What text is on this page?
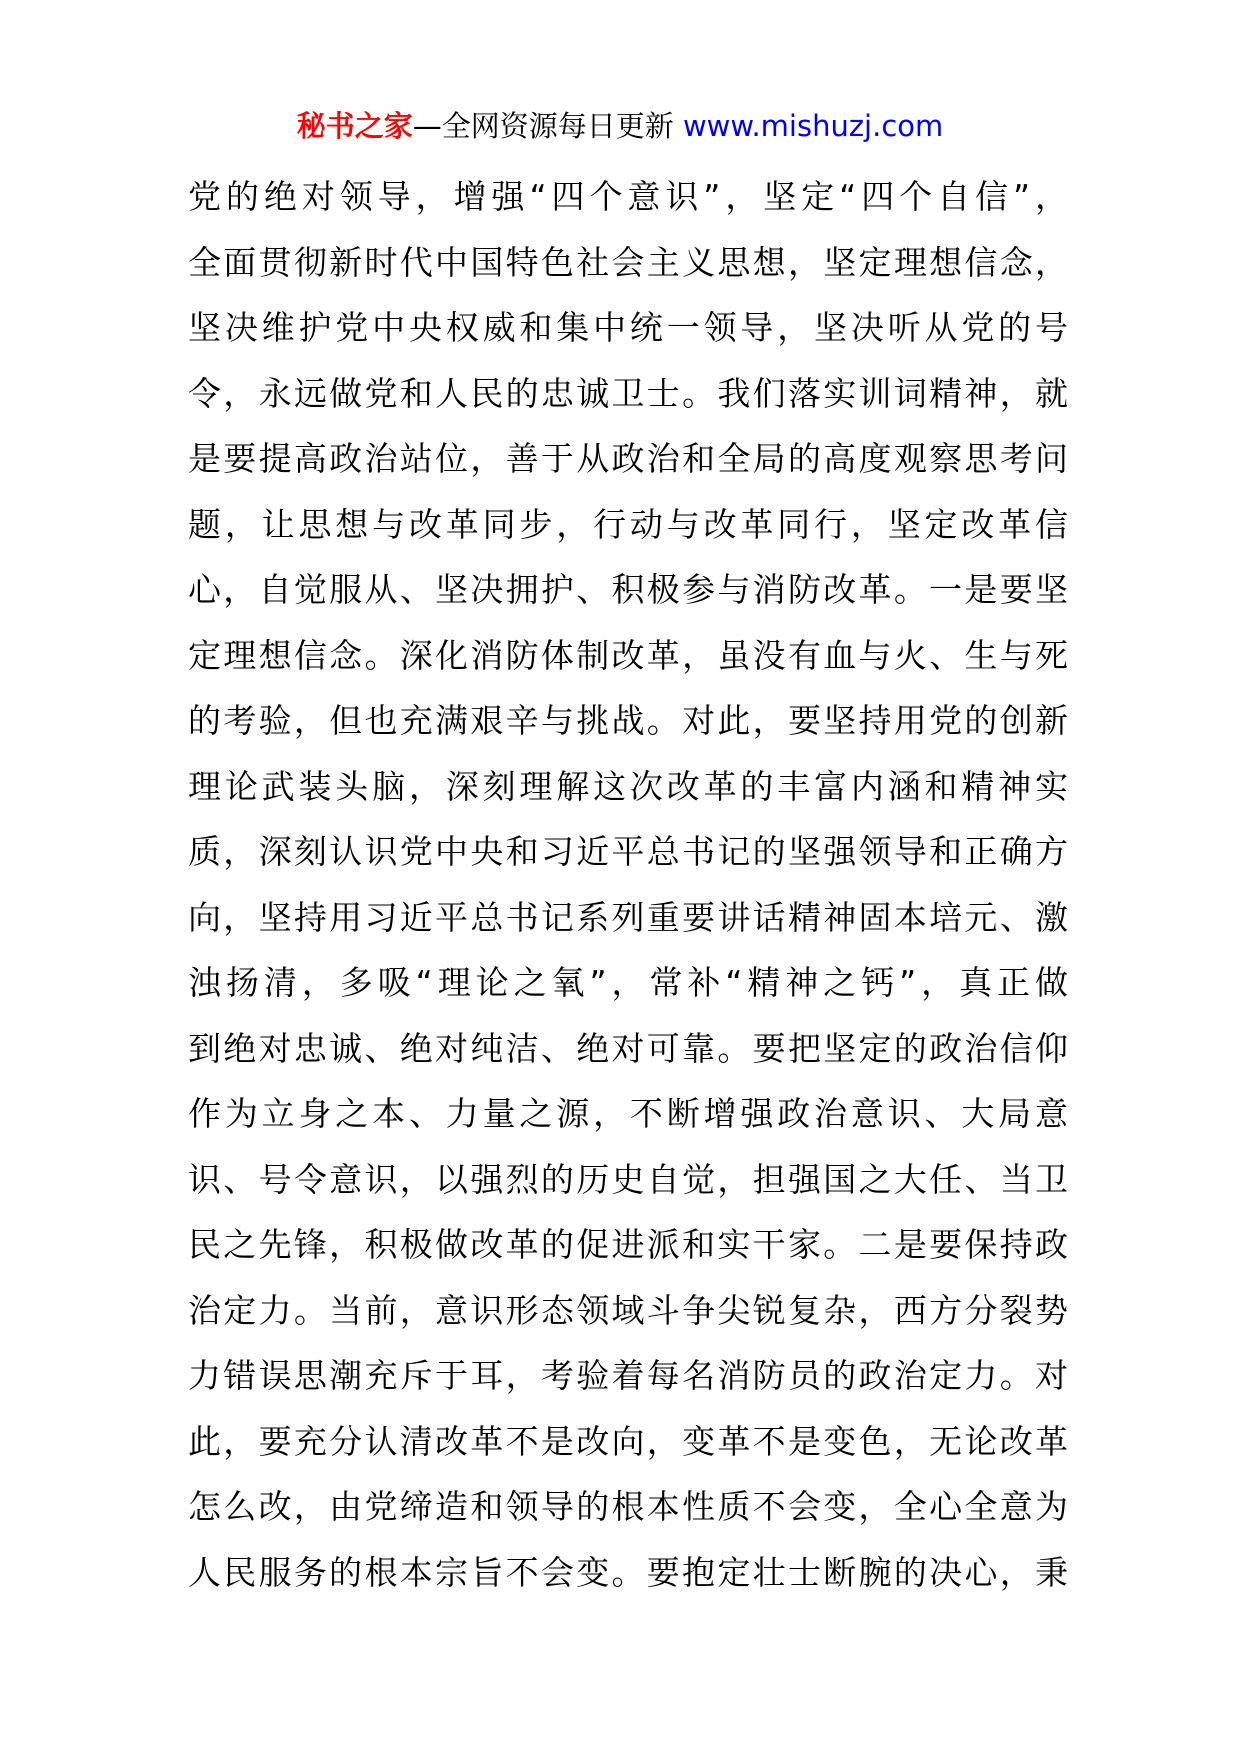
秘书之家—全网资源每日更新 www.mishuzj.com
党的绝对领导，增强“四个意识”，坚定“四个自信”，
全面贯彻新时代中国特色社会主义思想，坚定理想信念，
坚决维护党中央权威和集中统一领导，坚决听从党的号
令，永远做党和人民的忠诚卫士。我们落实训词精神，就
是要提高政治站位，善于从政治和全局的高度观察思考问
题，让思想与改革同步，行动与改革同行，坚定改革信
心，自觉服从、坚决拥护、积极参与消防改革。一是要坚
定理想信念。深化消防体制改革，虽没有血与火、生与死
的考验，但也充满艰辛与挑战。对此，要坚持用党的创新
理论武装头脑，深刻理解这次改革的丰富内涵和精神实
质，深刻认识党中央和习近平总书记的坚强领导和正确方
向，坚持用习近平总书记系列重要讲话精神固本培元、激
浊扬清，多吸“理论之氧”，常补“精神之钙”，真正做
到绝对忠诚、绝对纯洁、绝对可靠。要把坚定的政治信仰
作为立身之本、力量之源，不断增强政治意识、大局意
识、号令意识，以强烈的历史自觉，担强国之大任、当卫
民之先锋，积极做改革的促进派和实干家。二是要保持政
治定力。当前，意识形态领域斗争尖锐复杂，西方分裂势
力错误思潮充斥于耳，考验着每名消防员的政治定力。对
此，要充分认清改革不是改向，变革不是变色，无论改革
怎么改，由党缔造和领导的根本性质不会变，全心全意为
人民服务的根本宗旨不会变。要抱定壮士断腕的决心，秉
